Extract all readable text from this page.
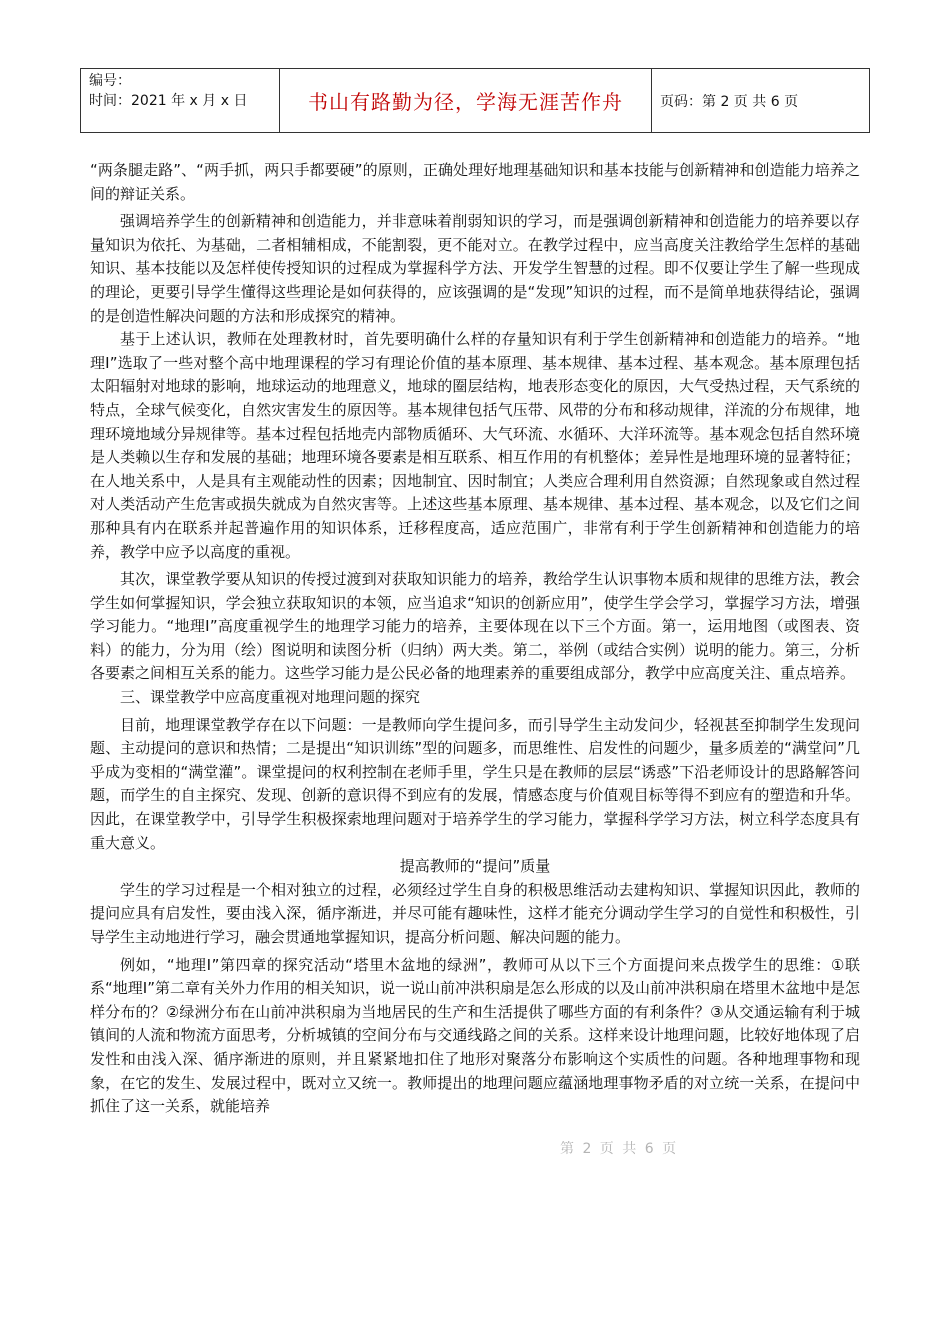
编号：
时间：2021 年 x 月 x 日	书山有路勤为径，学海无涯苦作舟	页码：第 2 页 共 6 页

“两条腿走路”、“两手抓，两只手都要硬”的原则，正确处理好地理基础知识和基本技能与创新精神和创造能力培养之间的辩证关系。

强调培养学生的创新精神和创造能力，并非意味着削弱知识的学习，而是强调创新精神和创造能力的培养要以存量知识为依托、为基础，二者相辅相成，不能割裂，更不能对立。在教学过程中，应当高度关注教给学生怎样的基础知识、基本技能以及怎样使传授知识的过程成为掌握科学方法、开发学生智慧的过程。即不仅要让学生了解一些现成的理论，更要引导学生懂得这些理论是如何获得的，应该强调的是“发现”知识的过程，而不是简单地获得结论，强调的是创造性解决问题的方法和形成探究的精神。

基于上述认识，教师在处理教材时，首先要明确什么样的存量知识有利于学生创新精神和创造能力的培养。“地理Ⅰ”选取了一些对整个高中地理课程的学习有理论价值的基本原理、基本规律、基本过程、基本观念。基本原理包括太阳辐射对地球的影响，地球运动的地理意义，地球的圈层结构，地表形态变化的原因，大气受热过程，天气系统的特点，全球气候变化，自然灾害发生的原因等。基本规律包括气压带、风带的分布和移动规律，洋流的分布规律，地理环境地域分异规律等。基本过程包括地壳内部物质循环、大气环流、水循环、大洋环流等。基本观念包括自然环境是人类赖以生存和发展的基础；地理环境各要素是相互联系、相互作用的有机整体；差异性是地理环境的显著特征；在人地关系中，人是具有主观能动性的因素；因地制宜、因时制宜；人类应合理利用自然资源；自然现象或自然过程对人类活动产生危害或损失就成为自然灾害等。上述这些基本原理、基本规律、基本过程、基本观念，以及它们之间那种具有内在联系并起普遍作用的知识体系，迁移程度高，适应范围广，非常有利于学生创新精神和创造能力的培养，教学中应予以高度的重视。

其次，课堂教学要从知识的传授过渡到对获取知识能力的培养，教给学生认识事物本质和规律的思维方法，教会学生如何掌握知识，学会独立获取知识的本领，应当追求“知识的创新应用”，使学生学会学习，掌握学习方法，增强学习能力。“地理Ⅰ”高度重视学生的地理学习能力的培养，主要体现在以下三个方面。第一，运用地图（或图表、资料）的能力，分为用（绘）图说明和读图分析（归纳）两大类。第二，举例（或结合实例）说明的能力。第三，分析各要素之间相互关系的能力。这些学习能力是公民必备的地理素养的重要组成部分，教学中应高度关注、重点培养。

三、课堂教学中应高度重视对地理问题的探究

目前，地理课堂教学存在以下问题：一是教师向学生提问多，而引导学生主动发问少，轻视甚至抑制学生发现问题、主动提问的意识和热情；二是提出“知识训练”型的问题多，而思维性、启发性的问题少，量多质差的“满堂问”几乎成为变相的“满堂灌”。课堂提问的权利控制在老师手里，学生只是在教师的层层“诱惑”下沿老师设计的思路解答问题，而学生的自主探究、发现、创新的意识得不到应有的发展，情感态度与价值观目标等得不到应有的塑造和升华。因此，在课堂教学中，引导学生积极探索地理问题对于培养学生的学习能力，掌握科学学习方法，树立科学态度具有重大意义。

提高教师的“提问”质量

学生的学习过程是一个相对独立的过程，必须经过学生自身的积极思维活动去建构知识、掌握知识因此，教师的提问应具有启发性，要由浅入深，循序渐进，并尽可能有趣味性，这样才能充分调动学生学习的自觉性和积极性，引导学生主动地进行学习，融会贯通地掌握知识，提高分析问题、解决问题的能力。

例如，“地理Ⅰ”第四章的探究活动“塔里木盆地的绿洲”，教师可从以下三个方面提问来点拨学生的思维：①联系“地理Ⅰ”第二章有关外力作用的相关知识，说一说山前冲洪积扇是怎么形成的以及山前冲洪积扇在塔里木盆地中是怎样分布的？②绿洲分布在山前冲洪积扇为当地居民的生产和生活提供了哪些方面的有利条件？③从交通运输有利于城镇间的人流和物流方面思考，分析城镇的空间分布与交通线路之间的关系。这样来设计地理问题，比较好地体现了启发性和由浅入深、循序渐进的原则，并且紧紧地扣住了地形对聚落分布影响这个实质性的问题。各种地理事物和现象，在它的发生、发展过程中，既对立又统一。教师提出的地理问题应蕴涵地理事物矛盾的对立统一关系，在提问中抓住了这一关系，就能培养

第 2 页 共 6 页
